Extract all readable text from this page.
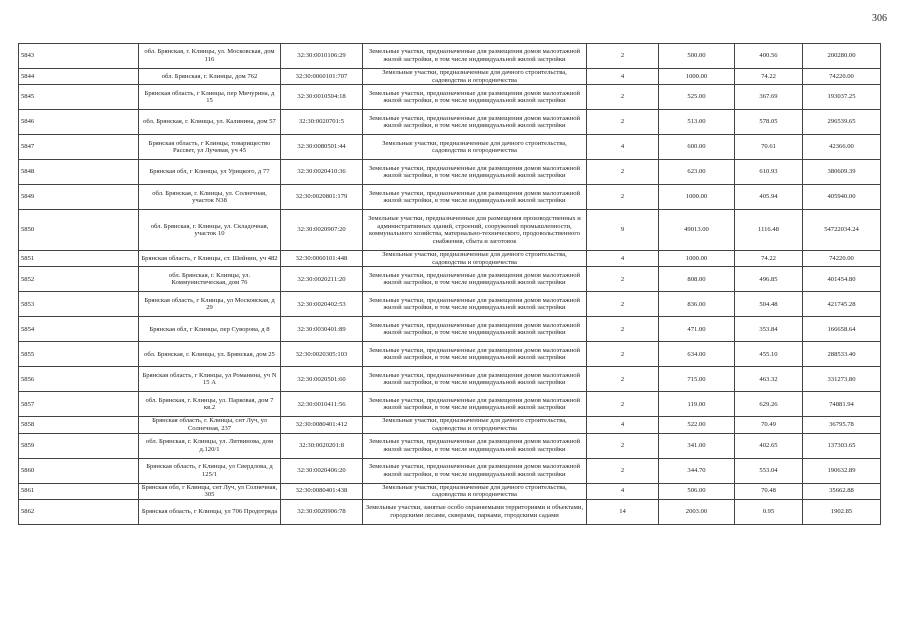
306
5843	обл. Брянская, г. Клинцы, ул. Московская, дом 116	32:30:0010106:29	Земельные участки, предназначенные для размещения домов малоэтажной жилой застройки, в том числе индивидуальной жилой застройки	2	500.00	400.56	200280.00
5844	обл. Брянская, г. Клинцы, дом 762	32:30:0060101:707	Земельные участки, предназначенные для дачного строительства, садоводства и огородничества	4	1000.00	74.22	74220.00
5845	Брянская область, г Клинцы, пер Мичурина, д 15	32:30:0010504:18	Земельные участки, предназначенные для размещения домов малоэтажной жилой застройки, в том числе индивидуальной жилой застройки	2	525.00	367.69	193037.25
5846	обл. Брянская, г. Клинцы, ул. Калинина, дом 57	32:30:0020701:5	Земельные участки, предназначенные для размещения домов малоэтажной жилой застройки, в том числе индивидуальной жилой застройки	2	513.00	578.05	296539.65
5847	Брянская область, г Клинцы, товарищество Рассвет, ул Лучевая, уч 45	32:30:0080501:44	Земельные участки, предназначенные для дачного строительства, садоводства и огородничества	4	600.00	70.61	42366.00
5848	Брянская обл, г Клинцы, ул Урицкого, д 77	32:30:0020410:36	Земельные участки, предназначенные для размещения домов малоэтажной жилой застройки, в том числе индивидуальной жилой застройки	2	623.00	610.93	380609.39
5849	обл. Брянская, г. Клинцы, ул. Солнечная, участок N38	32:30:0020801:179	Земельные участки, предназначенные для размещения домов малоэтажной жилой застройки, в том числе индивидуальной жилой застройки	2	1000.00	405.94	405940.00
5850	обл. Брянская, г. Клинцы, ул. Складочная, участок 10	32:30:0020907:20	Земельные участки, предназначенные для размещения производственных и административных зданий, строений, сооружений промышленности, коммунального хозяйства, материально-технического, продовольственного снабжения, сбыта и заготовок	9	49013.00	1116.48	54722034.24
5851	Брянская область, г Клинцы, ст. Шейнин, уч 482	32:30:0060101:448	Земельные участки, предназначенные для дачного строительства, садоводства и огородничества	4	1000.00	74.22	74220.00
5852	обл. Брянская, г. Клинцы, ул. Коммунистическая, дом 76	32:30:0020211:20	Земельные участки, предназначенные для размещения домов малоэтажной жилой застройки, в том числе индивидуальной жилой застройки	2	808.00	496.85	401454.80
5853	Брянская область, г Клинцы, ул Московская, д 29	32:30:0020402:53	Земельные участки, предназначенные для размещения домов малоэтажной жилой застройки, в том числе индивидуальной жилой застройки	2	836.00	504.48	421745.28
5854	Брянская обл, г Клинцы, пер Суворова, д 8	32:30:0030401:89	Земельные участки, предназначенные для размещения домов малоэтажной жилой застройки, в том числе индивидуальной жилой застройки	2	471.00	353.84	166658.64
5855	обл. Брянская, г. Клинцы, ул. Брянская, дом 25	32:30:0020305:103	Земельные участки, предназначенные для размещения домов малоэтажной жилой застройки, в том числе индивидуальной жилой застройки	2	634.00	455.10	288533.40
5856	Брянская область, г Клинцы, ул Романина, уч N 15 А	32:30:0020501:60	Земельные участки, предназначенные для размещения домов малоэтажной жилой застройки, в том числе индивидуальной жилой застройки	2	715.00	463.32	331273.80
5857	обл. Брянская, г. Клинцы, ул. Парковая, дом 7 кв.2	32:30:0010411:56	Земельные участки, предназначенные для размещения домов малоэтажной жилой застройки, в том числе индивидуальной жилой застройки	2	119.00	629.26	74881.94
5858	Брянская область, г. Клинцы, снт Луч, ул Солнечная, 237	32:30:0080401:412	Земельные участки, предназначенные для дачного строительства, садоводства и огородничества	4	522.00	70.49	36795.78
5859	обл. Брянская, г. Клинцы, ул. Литвинова, дом д.120/1	32:30:0020201:8	Земельные участки, предназначенные для размещения домов малоэтажной жилой застройки, в том числе индивидуальной жилой застройки	2	341.00	402.65	137303.65
5860	Брянская область, г Клинцы, ул Свердлова, д 125/1	32:30:0020406:20	Земельные участки, предназначенные для размещения домов малоэтажной жилой застройки, в том числе индивидуальной жилой застройки	2	344.70	553.04	190632.89
5861	Брянская обл, г Клинцы, снт Луч, ул Солнечная, 305	32:30:0080401:438	Земельные участки, предназначенные для дачного строительства, садоводства и огородничества	4	506.00	70.48	35662.88
5862	Брянская область, г Клинцы, ул 706 Продотряда	32:30:0020906:78	Земельные участки, занятые особо охраняемыми территориями и объектами, городскими лесами, скверами, парками, городскими садами	14	2003.00	0.95	1902.85
